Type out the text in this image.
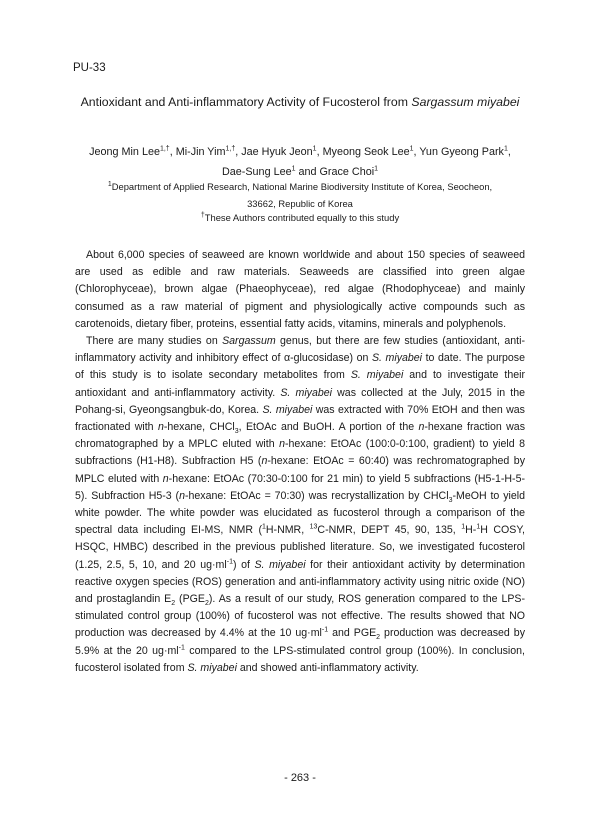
PU-33
Antioxidant and Anti-inflammatory Activity of Fucosterol from Sargassum miyabei
Jeong Min Lee$^{1,\dagger}$, Mi-Jin Yim$^{1,\dagger}$, Jae Hyuk Jeon$^1$, Myeong Seok Lee$^1$, Yun Gyeong Park$^1$,
Dae-Sung Lee$^1$ and Grace Choi$^1$
$^1$Department of Applied Research, National Marine Biodiversity Institute of Korea, Seocheon,
33662, Republic of Korea
†These Authors contributed equally to this study

About 6,000 species of seaweed are known worldwide and about 150 species of seaweed are used as edible and raw materials. Seaweeds are classified into green algae (Chlorophyceae), brown algae (Phaeophyceae), red algae (Rhodophyceae) and mainly consumed as a raw material of pigment and physiologically active compounds such as carotenoids, dietary fiber, proteins, essential fatty acids, vitamins, minerals and polyphenols.

There are many studies on Sargassum genus, but there are few studies (antioxidant, anti-inflammatory activity and inhibitory effect of α-glucosidase) on S. miyabei to date. The purpose of this study is to isolate secondary metabolites from S. miyabei and to investigate their antioxidant and anti-inflammatory activity. S. miyabei was collected at the July, 2015 in the Pohang-si, Gyeongsangbuk-do, Korea. S. miyabei was extracted with 70% EtOH and then was fractionated with n-hexane, CHCl$_3$, EtOAc and BuOH. A portion of the n-hexane fraction was chromatographed by a MPLC eluted with n-hexane: EtOAc (100:0-0:100, gradient) to yield 8 subfractions (H1-H8). Subfraction H5 (n-hexane: EtOAc = 60:40) was rechromatographed by MPLC eluted with n-hexane: EtOAc (70:30-0:100 for 21 min) to yield 5 subfractions (H5-1-H-5-5). Subfraction H5-3 (n-hexane: EtOAc = 70:30) was recrystallization by CHCl$_3$-MeOH to yield white powder. The white powder was elucidated as fucosterol through a comparison of the spectral data including EI-MS, NMR ($^1$H-NMR, $^{13}$C-NMR, DEPT 45, 90, 135, $^1$H-$^1$H COSY, HSQC, HMBC) described in the previous published literature. So, we investigated fucosterol (1.25, 2.5, 5, 10, and 20 $ug\cdot ml^{-1}$) of S. miyabei for their antioxidant activity by determination reactive oxygen species (ROS) generation and anti-inflammatory activity using nitric oxide (NO) and prostaglandin $E_2$ $(PGE_2)$. As a result of our study, ROS generation compared to the LPS-stimulated control group (100%) of fucosterol was not effective. The results showed that NO production was decreased by 4.4% at the 10 $ug\cdot ml^{-1}$ and $PGE_2$ production was decreased by 5.9% at the 20 $ug\cdot ml^{-1}$ compared to the LPS-stimulated control group (100%). In conclusion, fucosterol isolated from S. miyabei and showed anti-inflammatory activity.

- 263 -
